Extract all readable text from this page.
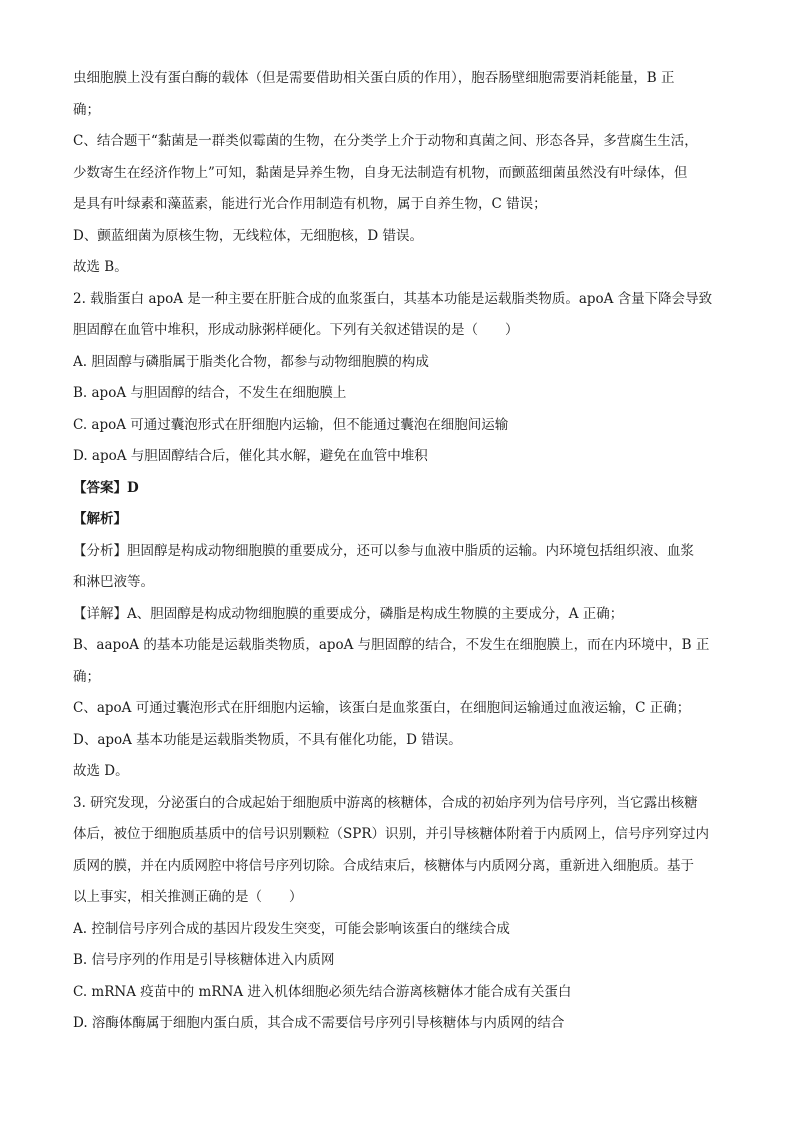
虫细胞膜上没有蛋白酶的载体（但是需要借助相关蛋白质的作用），胞吞肠壁细胞需要消耗能量，B 正
确；
C、结合题干“黏菌是一群类似霉菌的生物，在分类学上介于动物和真菌之间、形态各异，多营腐生生活，
少数寄生在经济作物上”可知，黏菌是异养生物，自身无法制造有机物，而颤蓝细菌虽然没有叶绿体，但
是具有叶绿素和藻蓝素，能进行光合作用制造有机物，属于自养生物，C 错误；
D、颤蓝细菌为原核生物，无线粒体，无细胞核，D 错误。
故选 B。
2. 载脂蛋白 apoA 是一种主要在肝脏合成的血浆蛋白，其基本功能是运载脂类物质。apoA 含量下降会导致
胆固醇在血管中堆积，形成动脉粥样硬化。下列有关叙述错误的是（　　）
A. 胆固醇与磷脂属于脂类化合物，都参与动物细胞膜的构成
B. apoA 与胆固醇的结合，不发生在细胞膜上
C. apoA 可通过囊泡形式在肝细胞内运输，但不能通过囊泡在细胞间运输
D. apoA 与胆固醇结合后，催化其水解，避免在血管中堆积
【答案】D
【解析】
【分析】胆固醇是构成动物细胞膜的重要成分，还可以参与血液中脂质的运输。内环境包括组织液、血浆
和淋巴液等。
【详解】A、胆固醇是构成动物细胞膜的重要成分，磷脂是构成生物膜的主要成分，A 正确；
B、aapoA 的基本功能是运载脂类物质，apoA 与胆固醇的结合，不发生在细胞膜上，而在内环境中，B 正
确；
C、apoA 可通过囊泡形式在肝细胞内运输，该蛋白是血浆蛋白，在细胞间运输通过血液运输，C 正确；
D、apoA 基本功能是运载脂类物质，不具有催化功能，D 错误。
故选 D。
3. 研究发现，分泌蛋白的合成起始于细胞质中游离的核糖体，合成的初始序列为信号序列，当它露出核糖
体后，被位于细胞质基质中的信号识别颗粒（SPR）识别，并引导核糖体附着于内质网上，信号序列穿过内
质网的膜，并在内质网腔中将信号序列切除。合成结束后，核糖体与内质网分离，重新进入细胞质。基于
以上事实，相关推测正确的是（　　）
A. 控制信号序列合成的基因片段发生突变，可能会影响该蛋白的继续合成
B. 信号序列的作用是引导核糖体进入内质网
C. mRNA 疫苗中的 mRNA 进入机体细胞必须先结合游离核糖体才能合成有关蛋白
D. 溶酶体酶属于细胞内蛋白质，其合成不需要信号序列引导核糖体与内质网的结合
